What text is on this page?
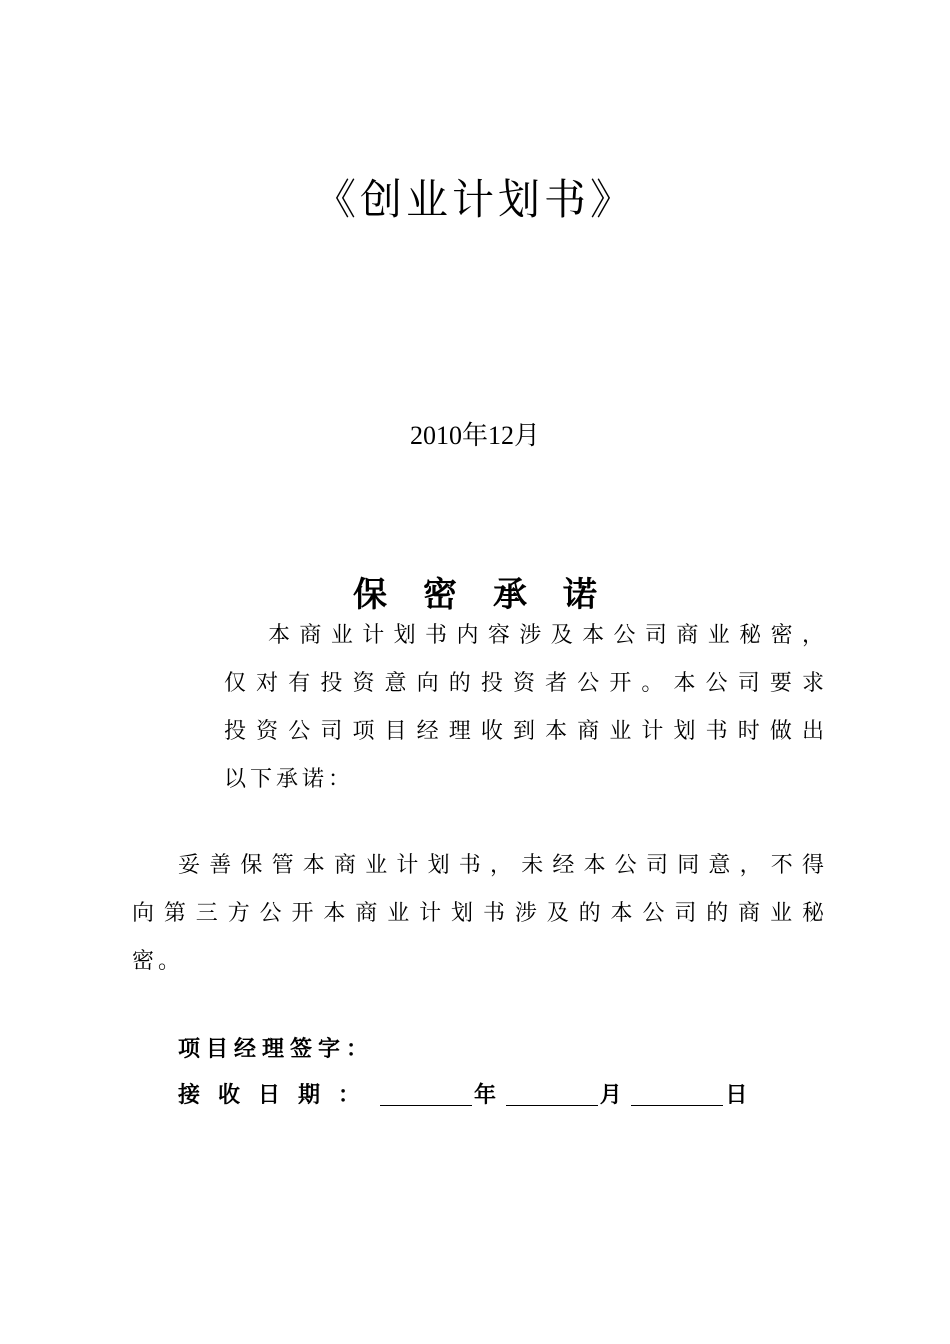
《创业计划书》
2010年12月
保密承诺
本商业计划书内容涉及本公司商业秘密，
仅对有投资意向的投资者公开。本公司要求
投资公司项目经理收到本商业计划书时做出
以下承诺：
妥善保管本商业计划书，未经本公司同意，不得
向第三方公开本商业计划书涉及的本公司的商业秘
密。
项目经理签字：
接收日期：	年	月	日
